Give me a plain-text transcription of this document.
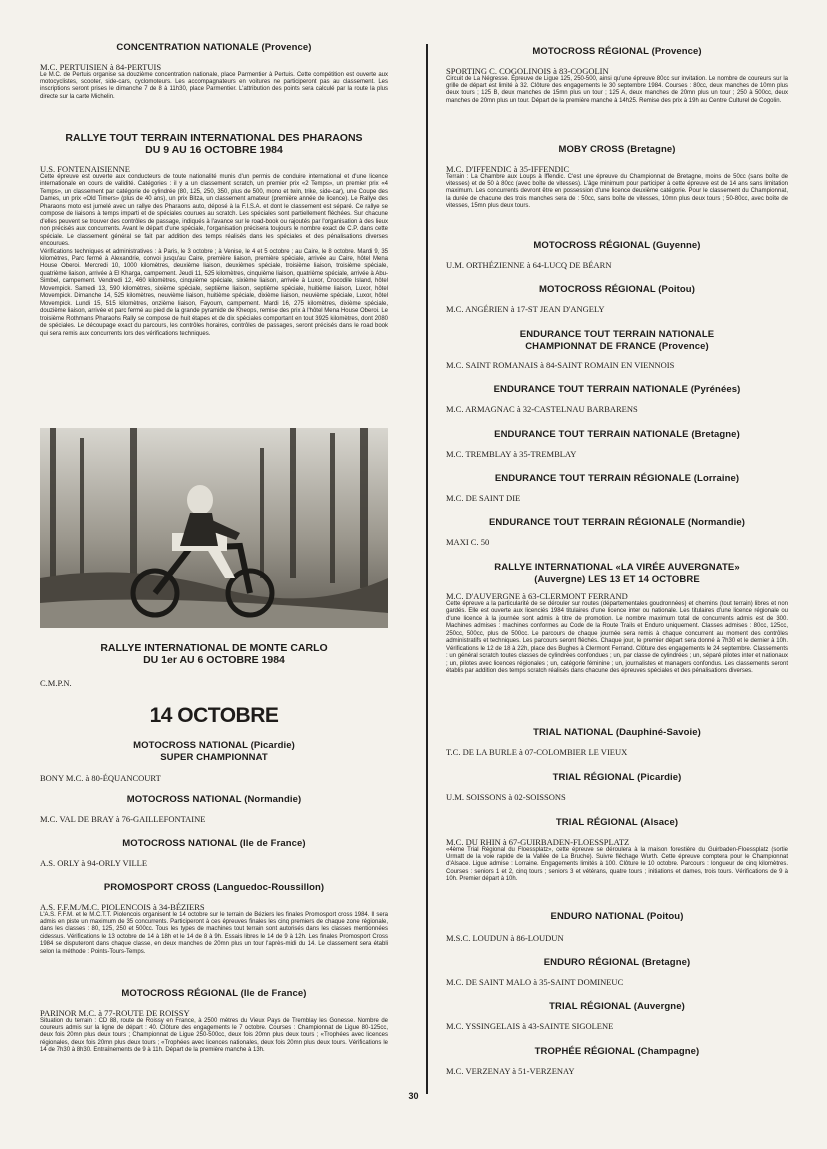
CONCENTRATION NATIONALE (Provence)
M.C. PERTUISIEN à 84-PERTUIS
Le M.C. de Pertuis organise sa douzième concentration nationale, place Parmentier à Pertuis. Cette compétition est ouverte aux motocyclistes, scooter, side-cars, cyclomoteurs. Les accompagnateurs en voitures ne participeront pas au classement. Les inscriptions seront prises le dimanche 7 de 8 à 11h30, place Parmentier. L'attribution des points sera calculé par la route la plus directe sur la carte Michelin.
RALLYE TOUT TERRAIN INTERNATIONAL DES PHARAONS
DU 9 AU 16 OCTOBRE 1984
U.S. FONTENAISIENNE
Cette épreuve est ouverte aux conducteurs de toute nationalité munis d'un permis de conduire international et d'une licence internationale en cours de validité. Catégories : il y a un classement scratch, un premier prix «2 Temps», un premier prix «4 Temps», un classement par catégorie de cylindrée (80, 125, 250, 350, plus de 500, mono et twin, trike, side-car), une Coupe des Dames, un prix «Old Timers» (plus de 40 ans), un prix Bitza, un classement amateur (première année de licence). Le Rallye des Pharaons moto est jumelé avec un rallye des Pharaons auto, déposé à la F.I.S.A. et dont le classement est séparé. Ce rallye se compose de liaisons à temps imparti et de spéciales courues au scratch. Les spéciales sont partiellement fléchées. Sur chacune d'elles peuvent se trouver des contrôles de passage, indiqués à l'avance sur le road-book ou rajoutés par l'organisation à des lieux non précisés aux concurrents. Avant le départ d'une spéciale, l'organisation précisera toujours le nombre exact de C.P. dans cette spéciale. Le classement général se fait par addition des temps réalisés dans les spéciales et des pénalisations diverses encourues.
Vérifications techniques et administratives : à Paris, le 3 octobre ; à Venise, le 4 et 5 octobre ; au Caire, le 8 octobre. Mardi 9, 35 kilomètres, Parc fermé à Alexandrie, convoi jusqu'au Caire, première liaison, première spéciale, arrivée au Caire, hôtel Mena House Oberoi. Mercredi 10, 1000 kilomètres, deuxième liaison, deuxièmes spéciale, troisième liaison, troisième spéciale, quatrième liaison, arrivée à El Kharga, campement. Jeudi 11, 525 kilomètres, cinquième liaison, quatrième spéciale, arrivée à Abu-Simbel, campement. Vendredi 12, 460 kilomètres, cinquième spéciale, sixième liaison, arrivée à Luxor, Crocodile Island, hôtel Movempick. Samedi 13, 590 kilomètres, sixième spéciale, septième liaison, septième spéciale, huitième liaison, Luxor, hôtel Movempick. Dimanche 14, 525 kilomètres, neuvième liaison, huitième spéciale, dixième liaison, neuvième spéciale, Luxor, hôtel Movempick. Lundi 15, 515 kilomètres, onzième liaison, Fayoum, campement. Mardi 16, 275 kilomètres, dixième spéciale, douzième liaison, arrivée et parc fermé au pied de la grande pyramide de Kheops, remise des prix à l'hôtel Mena House Oberoi. Le troisième Rothmans Pharaohs Rally se compose de huit étapes et de dix spéciales comportant en tout 3925 kilomètres, dont 2080 de spéciales. Le découpage exact du parcours, les contrôles horaires, contrôles de passages, seront précisés dans le road book qui sera remis aux concurrents lors des vérifications techniques.
RALLYE INTERNATIONAL DE MONTE CARLO
DU 1er AU 6 OCTOBRE 1984
C.M.P.N.
14 OCTOBRE
MOTOCROSS NATIONAL (Picardie)
SUPER CHAMPIONNAT
BONY M.C. à 80-ÉQUANCOURT
MOTOCROSS NATIONAL (Normandie)
M.C. VAL DE BRAY à 76-GAILLEFONTAINE
MOTOCROSS NATIONAL (Ile de France)
A.S. ORLY à 94-ORLY VILLE
PROMOSPORT CROSS (Languedoc-Roussillon)
A.S. F.F.M./M.C. PIOLENCOIS à 34-BÉZIERS
L'A.S. F.F.M. et le M.C.T.T. Piolencois organisent le 14 octobre sur le terrain de Béziers les finales Promosport cross 1984. Il sera admis en piste un maximum de 35 concurrents. Participeront à ces épreuves finales les cinq premiers de chaque zone régionale, dans les classes : 80, 125, 250 et 500cc. Tous les types de machines tout terrain sont autorisés dans les classes mentionnées cidessus. Vérifications le 13 octobre de 14 à 18h et le 14 de 8 à 9h. Essais libres le 14 de 9 à 12h. Les finales Promosport Cross 1984 se disputeront dans chaque classe, en deux manches de 20mn plus un tour l'après-midi du 14. Le classement sera établi selon la méthode : Points-Tours-Temps.
MOTOCROSS RÉGIONAL (Ile de France)
PARINOR M.C. à 77-ROUTE DE ROISSY
Situation du terrain : CD 88, route de Roissy en France, à 2500 mètres du Vieux Pays de Tremblay les Gonesse. Nombre de coureurs admis sur la ligne de départ : 40. Clôture des engagements le 7 octobre. Courses : Championnat de Ligue 80-125cc, deux fois 20mn plus deux tours ; Championnat de Ligue 250-500cc, deux fois 20mn plus deux tours ; «Trophées avec licences régionales, deux fois 20mn plus deux tours ; «Trophées avec licences nationales, deux fois 20mn plus deux tours. Vérifications le 14 de 7h30 à 8h30. Entraînements de 9 à 11h. Départ de la première manche à 13h.
MOTOCROSS RÉGIONAL (Provence)
SPORTING C. COGOLINOIS à 83-COGOLIN
Circuit de La Négresse. Épreuve de Ligue 125, 250-500, ainsi qu'une épreuve 80cc sur invitation. Le nombre de coureurs sur la grille de départ est limité à 32. Clôture des engagements le 30 septembre 1984. Courses : 80cc, deux manches de 10mn plus deux tours ; 125 B, deux manches de 15mn plus un tour ; 125 A, deux manches de 20mn plus un tour ; 250 à 500cc, deux manches de 20mn plus un tour. Départ de la première manche à 14h25. Remise des prix à 19h au Centre Culturel de Cogolin.
MOBY CROSS (Bretagne)
M.C. D'IFFENDIC à 35-IFFENDIC
Terrain : La Chambre aux Loups à Iffendic. C'est une épreuve du Championnat de Bretagne, moins de 50cc (sans boîte de vitesses) et de 50 à 80cc (avec boîte de vitesses). L'âge minimum pour participer à cette épreuve est de 14 ans sans limitation maximum. Les concurrents devront être en possession d'une licence deuxième catégorie. Pour le classement du Championnat, la durée de chacune des trois manches sera de : 50cc, sans boîte de vitesses, 10mn plus deux tours ; 50-80cc, avec boîte de vitesses, 15mn plus deux tours.
MOTOCROSS RÉGIONAL (Guyenne)
U.M. ORTHÉZIENNE à 64-LUCQ DE BÉARN
MOTOCROSS RÉGIONAL (Poitou)
M.C. ANGÉRIEN à 17-ST JEAN D'ANGELY
ENDURANCE TOUT TERRAIN NATIONALE
CHAMPIONNAT DE FRANCE (Provence)
M.C. SAINT ROMANAIS à 84-SAINT ROMAIN EN VIENNOIS
ENDURANCE TOUT TERRAIN NATIONALE (Pyrénées)
M.C. ARMAGNAC à 32-CASTELNAU BARBARENS
ENDURANCE TOUT TERRAIN NATIONALE (Bretagne)
M.C. TREMBLAY à 35-TREMBLAY
ENDURANCE TOUT TERRAIN RÉGIONALE (Lorraine)
M.C. DE SAINT DIE
ENDURANCE TOUT TERRAIN RÉGIONALE (Normandie)
MAXI C. 50
RALLYE INTERNATIONAL «LA VIRÉE AUVERGNATE»
(Auvergne) LES 13 ET 14 OCTOBRE
M.C. D'AUVERGNE à 63-CLERMONT FERRAND
Cette épreuve a la particularité de se dérouler sur routes (départementales goudronnées) et chemins (tout terrain) libres et non gardés. Elle est ouverte aux licenciés 1984 titulaires d'une licence inter ou nationale. Les titulaires d'une licence régionale ou d'une licence à la journée sont admis à titre de promotion. Le nombre maximum total de concurrents admis est de 300. Machines admises : machines conformes au Code de la Route Trails et Enduro uniquement. Classes admises : 80cc, 125cc, 250cc, 500cc, plus de 500cc. Le parcours de chaque journée sera remis à chaque concurrent au moment des contrôles administratifs et techniques. Les parcours seront fléchés. Chaque jour, le premier départ sera donné à 7h30 et le dernier à 10h. Vérifications le 12 de 18 à 22h, place des Bughes à Clermont Ferrand. Clôture des engagements le 24 septembre. Classements : un général scratch toutes classes de cylindrées confondues ; un, par classe de cylindrées ; un, séparé pilotes inter et nationaux ; un, pilotes avec licences régionales ; un, catégorie féminine ; un, journalistes et managers confondus. Les classements seront établis par addition des temps scratch réalisés dans chacune des épreuves spéciales et des pénalisations diverses.
TRIAL NATIONAL (Dauphiné-Savoie)
T.C. DE LA BURLE à 07-COLOMBIER LE VIEUX
TRIAL RÉGIONAL (Picardie)
U.M. SOISSONS à 02-SOISSONS
TRIAL RÉGIONAL (Alsace)
M.C. DU RHIN à 67-GUIRBADEN-FLOESSPLATZ
«4ème Trial Régional du Floessplatz», cette épreuve se déroulera à la maison forestière du Guirbaden-Floessplatz (sortie Urmatt de la voie rapide de la Vallée de La Bruche). Suivre fléchage Wurth. Cette épreuve comptera pour le Championnat d'Alsace. Ligue admise : Lorraine. Engagements limités à 100. Clôture le 10 octobre. Parcours : longueur de cinq kilomètres. Courses : seniors 1 et 2, cinq tours ; seniors 3 et vétérans, quatre tours ; initiations et dames, trois tours. Vérifications de 9 à 10h. Premier départ à 10h.
ENDURO NATIONAL (Poitou)
M.S.C. LOUDUN à 86-LOUDUN
ENDURO RÉGIONAL (Bretagne)
M.C. DE SAINT MALO à 35-SAINT DOMINEUC
TRIAL RÉGIONAL (Auvergne)
M.C. YSSINGELAIS à 43-SAINTE SIGOLENE
TROPHÉE RÉGIONAL (Champagne)
M.C. VERZENAY à 51-VERZENAY
30
